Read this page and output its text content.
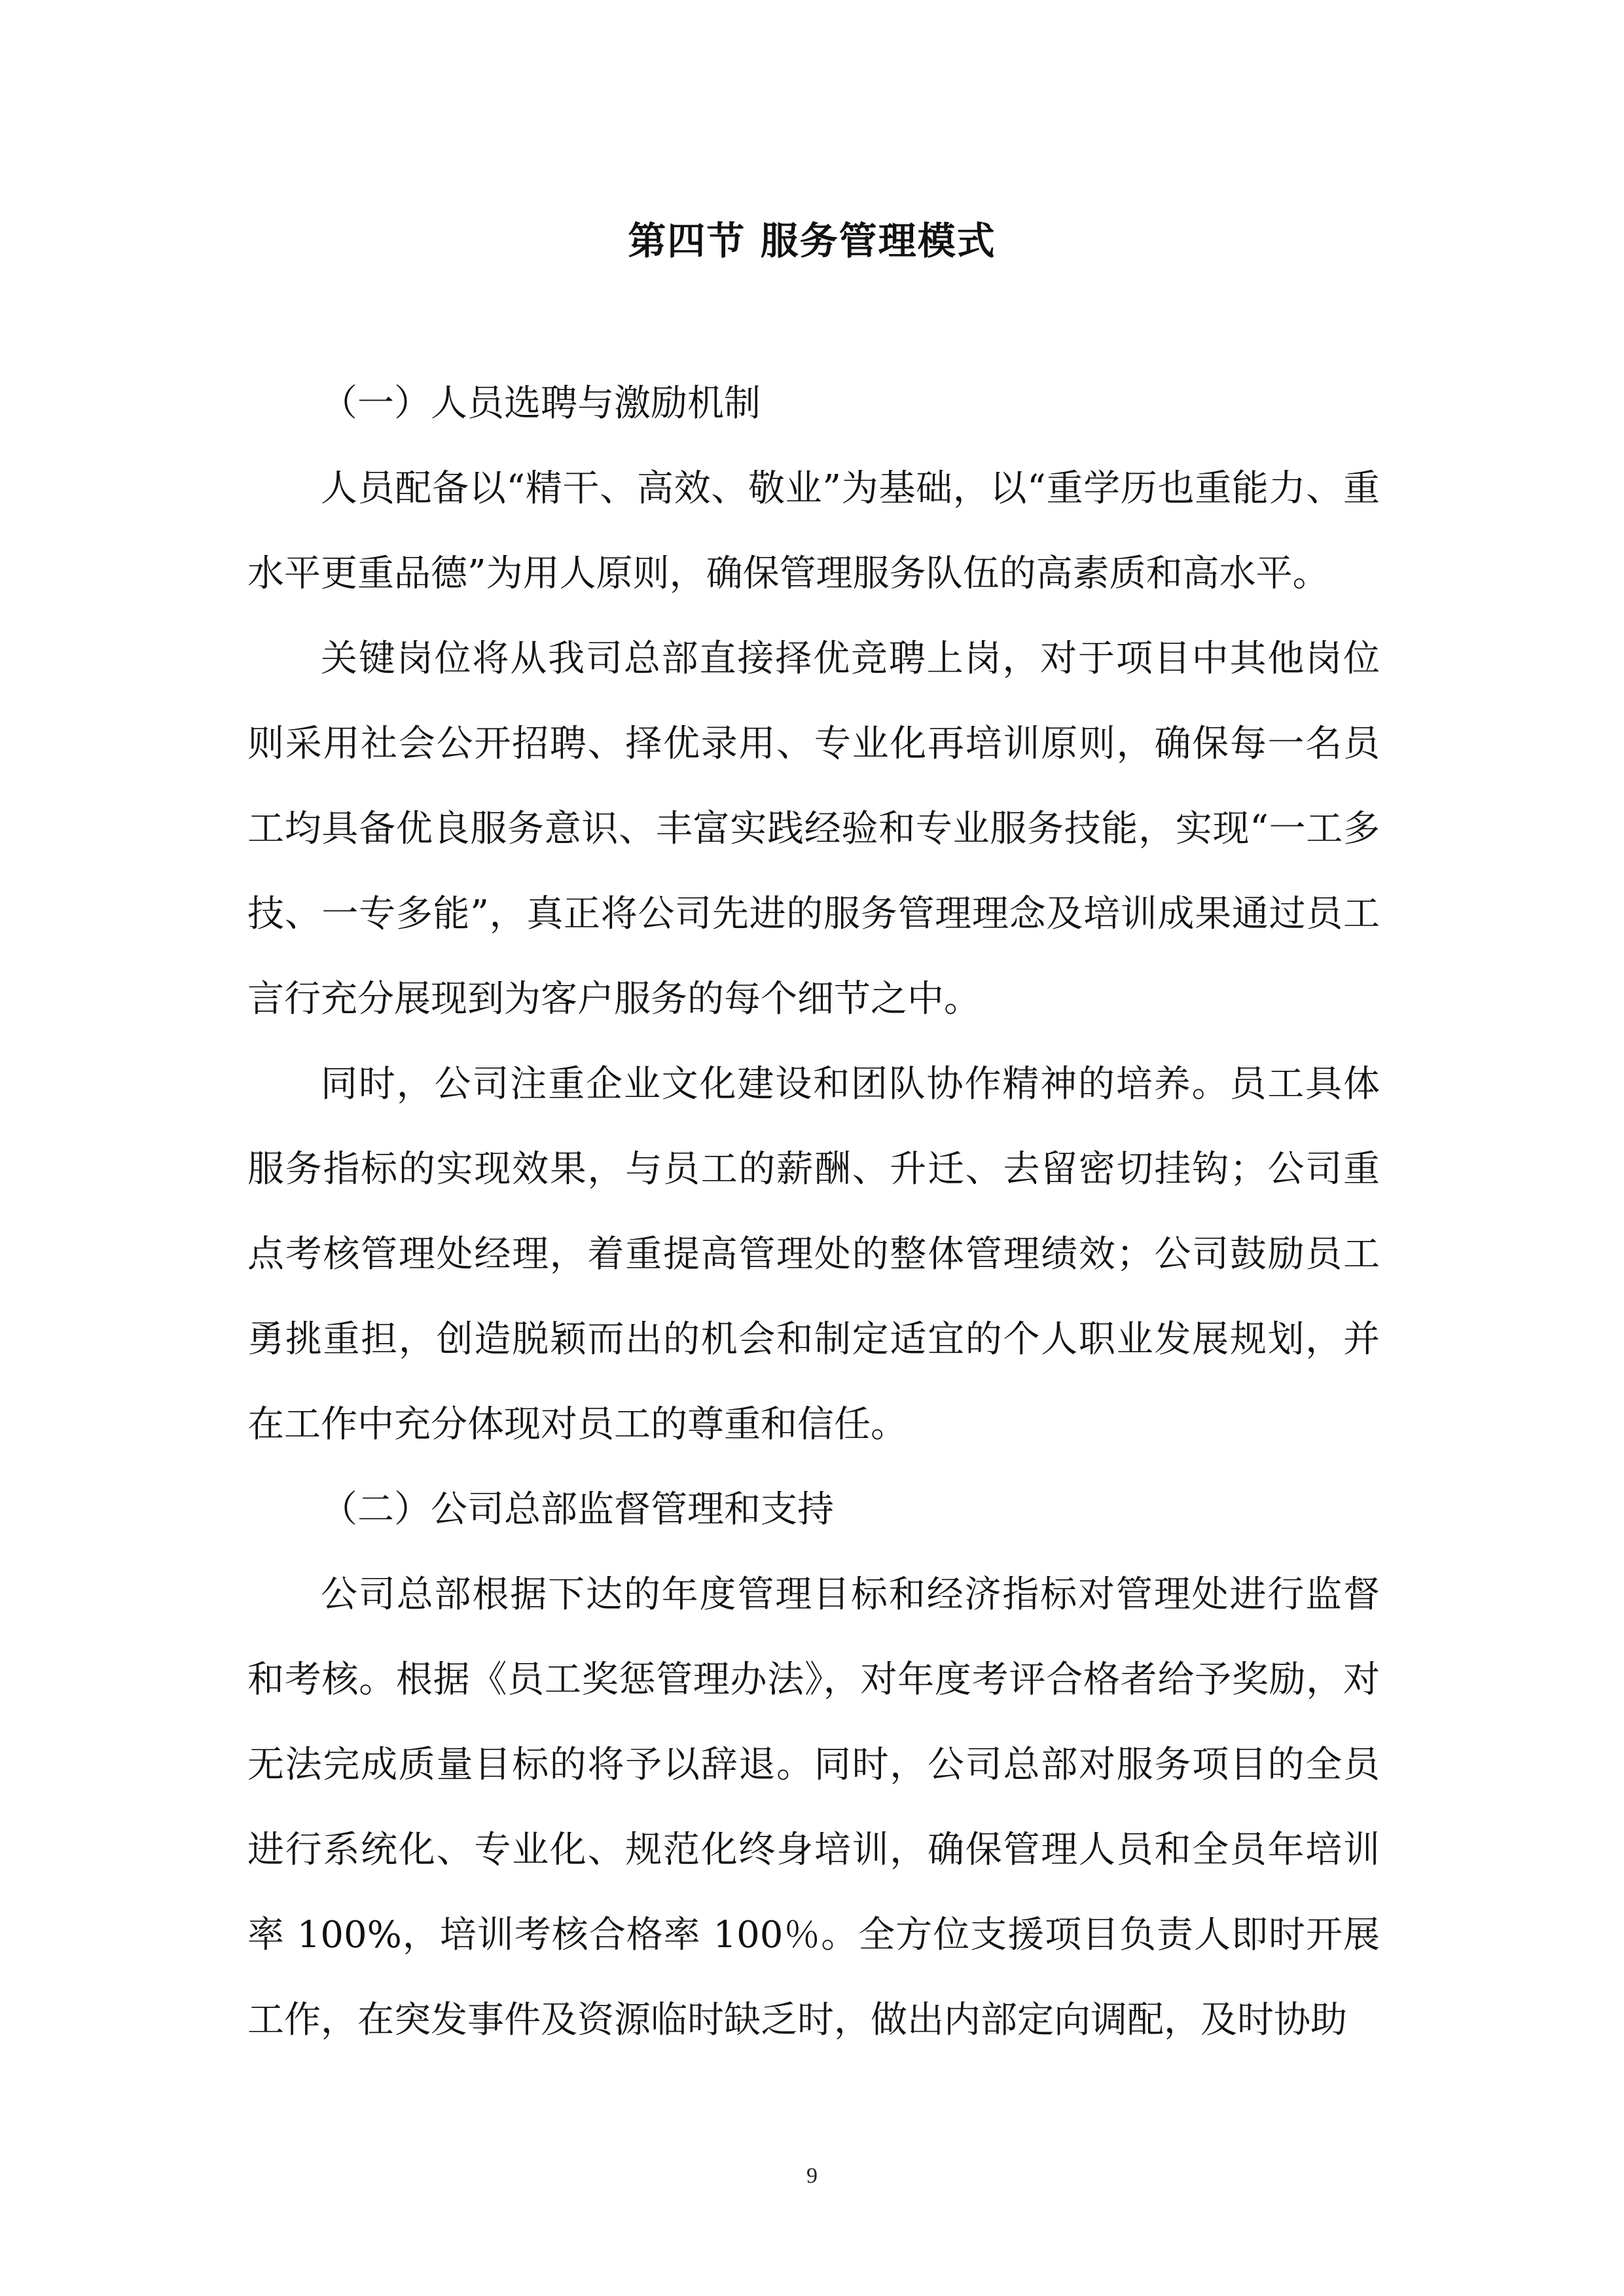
第四节 服务管理模式
（一）人员选聘与激励机制

人员配备以“精干、高效、敬业”为基础，以“重学历也重能力、重水平更重品德”为用人原则，确保管理服务队伍的高素质和高水平。

关键岗位将从我司总部直接择优竞聘上岗，对于项目中其他岗位则采用社会公开招聘、择优录用、专业化再培训原则，确保每一名员工均具备优良服务意识、丰富实践经验和专业服务技能，实现“一工多技、一专多能”，真正将公司先进的服务管理理念及培训成果通过员工言行充分展现到为客户服务的每个细节之中。

同时，公司注重企业文化建设和团队协作精神的培养。员工具体服务指标的实现效果，与员工的薪酬、升迁、去留密切挂钩；公司重点考核管理处经理，着重提高管理处的整体管理绩效；公司鼓励员工勇挑重担，创造脱颖而出的机会和制定适宜的个人职业发展规划，并在工作中充分体现对员工的尊重和信任。

（二）公司总部监督管理和支持

公司总部根据下达的年度管理目标和经济指标对管理处进行监督和考核。根据《员工奖惩管理办法》，对年度考评合格者给予奖励，对无法完成质量目标的将予以辞退。同时，公司总部对服务项目的全员进行系统化、专业化、规范化终身培训，确保管理人员和全员年培训率 100%，培训考核合格率 100％。全方位支援项目负责人即时开展工作，在突发事件及资源临时缺乏时，做出内部定向调配，及时协助

9
